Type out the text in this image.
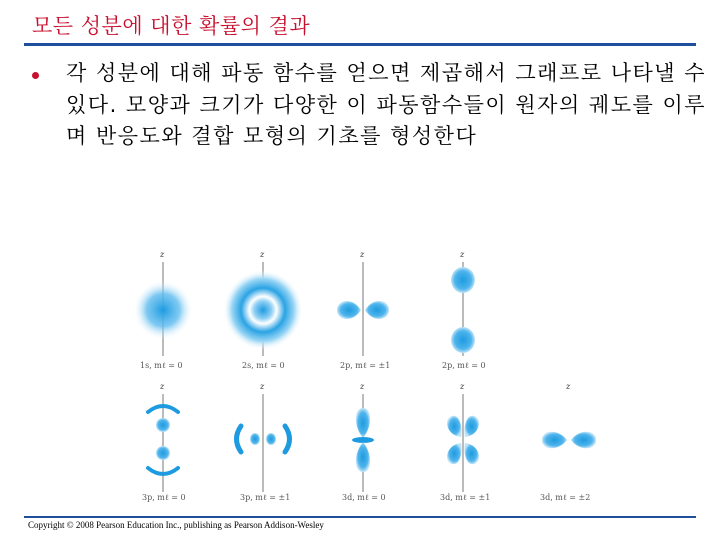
모든 성분에 대한 확률의 결과
각 성분에 대해 파동 함수를 얻으면 제곱해서 그래프로 나타낼 수 있다. 모양과 크기가 다양한 이 파동함수들이 원자의 궤도를 이루며 반응도와 결합 모형의 기초를 형성한다
z
1s, mℓ = 0
z
2s, mℓ = 0
z
2p, mℓ = ±1
z
2p, mℓ = 0
z
3p, mℓ = 0
z
3p, mℓ = ±1
z
3d, mℓ = 0
z
3d, mℓ = ±1
z
3d, mℓ = ±2
Copyright © 2008 Pearson Education Inc., publishing as Pearson Addison-Wesley
